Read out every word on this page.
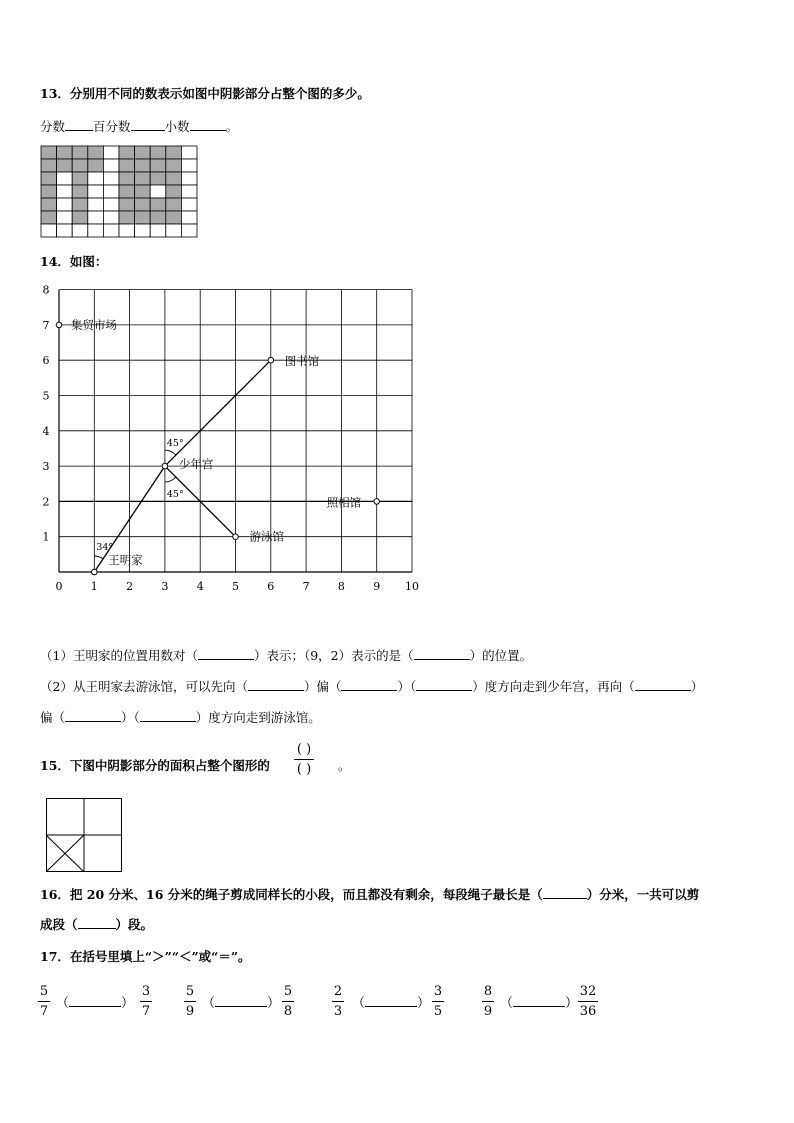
13．分别用不同的数表示如图中阴影部分占整个图的多少。
分数 百分数	小数	。
14．如图：
0	1	2	3	4	5	6	7	8	9 10
1
2
3
4
5
6
7
8
集贸市场
图书馆
少年宫
照相馆
游泳馆
王明家
34°
45°
45°
（1）王明家的位置用数对（	）表示；（9，2）表示的是（	）的位置。
（2）从王明家去游泳馆，可以先向（	）偏（	）（	）度方向走到少年宫，再向（	）
偏（	）（	）度方向走到游泳馆。
15．下图中阴影部分的面积占整个图形的
( )
( ) 。
16．把 20 分米、16 分米的绳子剪成同样长的小段，而且都没有剩余，每段绳子最长是（	）分米，一共可以剪
成段（	）段。
17．在括号里填上“＞”“＜”或“＝”。
5
7
（	）
3
7
5
9
（	）
5
8
2
3
（	）
3
5
8
9
（	）
32
36
